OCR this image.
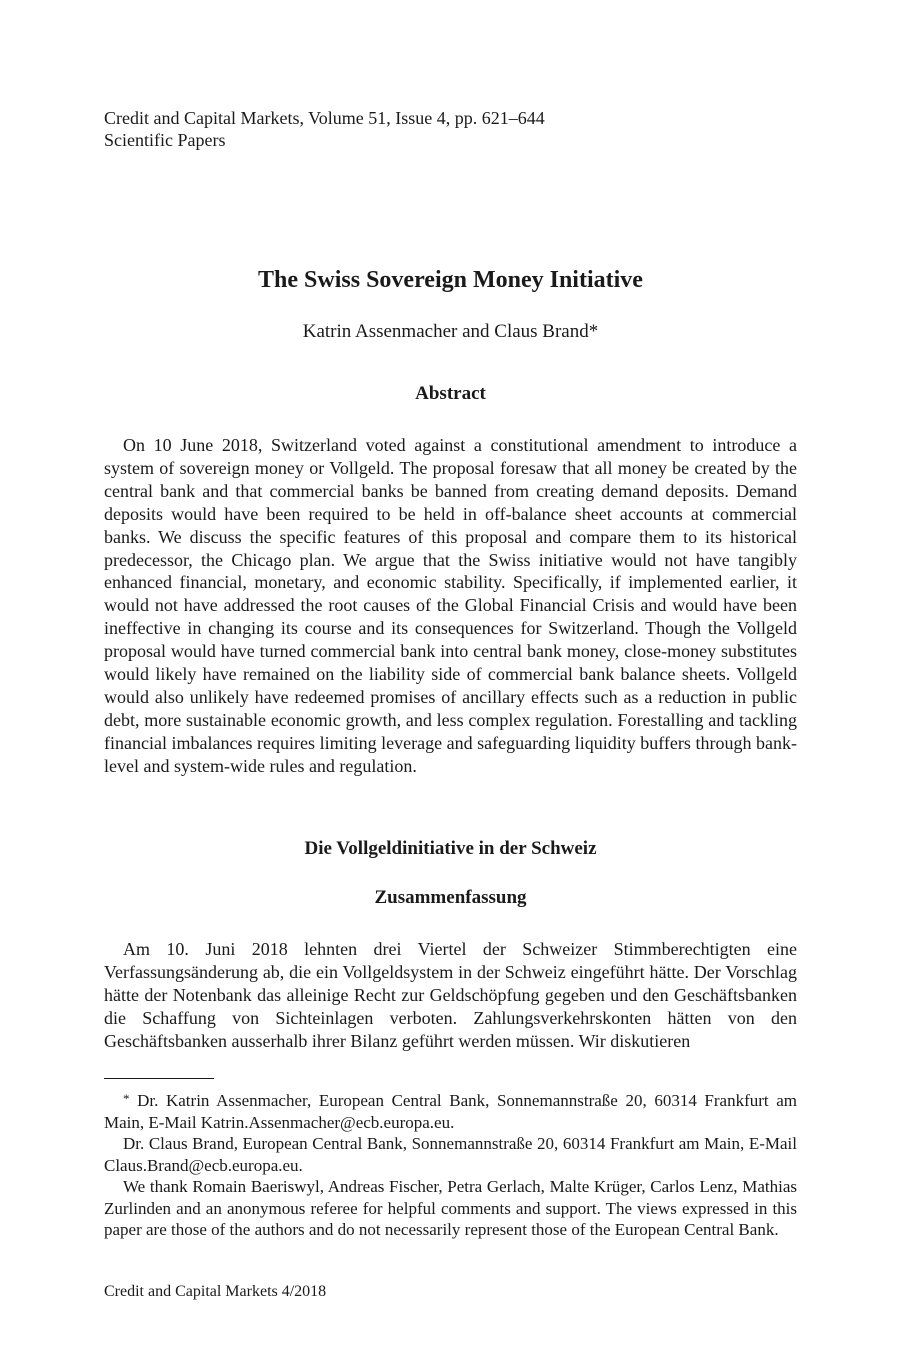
Credit and Capital Markets, Volume 51, Issue 4, pp. 621–644
Scientific Papers
The Swiss Sovereign Money Initiative
Katrin Assenmacher and Claus Brand*
Abstract

On 10 June 2018, Switzerland voted against a constitutional amendment to introduce a system of sovereign money or Vollgeld. The proposal foresaw that all money be created by the central bank and that commercial banks be banned from creating demand deposits. Demand deposits would have been required to be held in off-balance sheet accounts at commercial banks. We discuss the specific features of this proposal and compare them to its historical predecessor, the Chicago plan. We argue that the Swiss initiative would not have tangibly enhanced financial, monetary, and economic stability. Specifically, if implemented earlier, it would not have addressed the root causes of the Global Financial Crisis and would have been ineffective in changing its course and its consequences for Switzerland. Though the Vollgeld proposal would have turned commercial bank into central bank money, close-money substitutes would likely have remained on the liability side of commercial bank balance sheets. Vollgeld would also unlikely have redeemed promises of ancillary effects such as a reduction in public debt, more sustainable economic growth, and less complex regulation. Forestalling and tackling financial imbalances requires limiting leverage and safeguarding liquidity buffers through bank-level and system-wide rules and regulation.

Die Vollgeldinitiative in der Schweiz
Zusammenfassung

Am 10. Juni 2018 lehnten drei Viertel der Schweizer Stimmberechtigten eine Verfassungsänderung ab, die ein Vollgeldsystem in der Schweiz eingeführt hätte. Der Vorschlag hätte der Notenbank das alleinige Recht zur Geldschöpfung gegeben und den Geschäftsbanken die Schaffung von Sichteinlagen verboten. Zahlungsverkehrskonten hätten von den Geschäftsbanken ausserhalb ihrer Bilanz geführt werden müssen. Wir diskutieren

* Dr. Katrin Assenmacher, European Central Bank, Sonnemannstraße 20, 60314 Frankfurt am Main, E-Mail Katrin.Assenmacher@ecb.europa.eu.

Dr. Claus Brand, European Central Bank, Sonnemannstraße 20, 60314 Frankfurt am Main, E-Mail Claus.Brand@ecb.europa.eu.

We thank Romain Baeriswyl, Andreas Fischer, Petra Gerlach, Malte Krüger, Carlos Lenz, Mathias Zurlinden and an anonymous referee for helpful comments and support. The views expressed in this paper are those of the authors and do not necessarily represent those of the European Central Bank.

Credit and Capital Markets 4/2018
